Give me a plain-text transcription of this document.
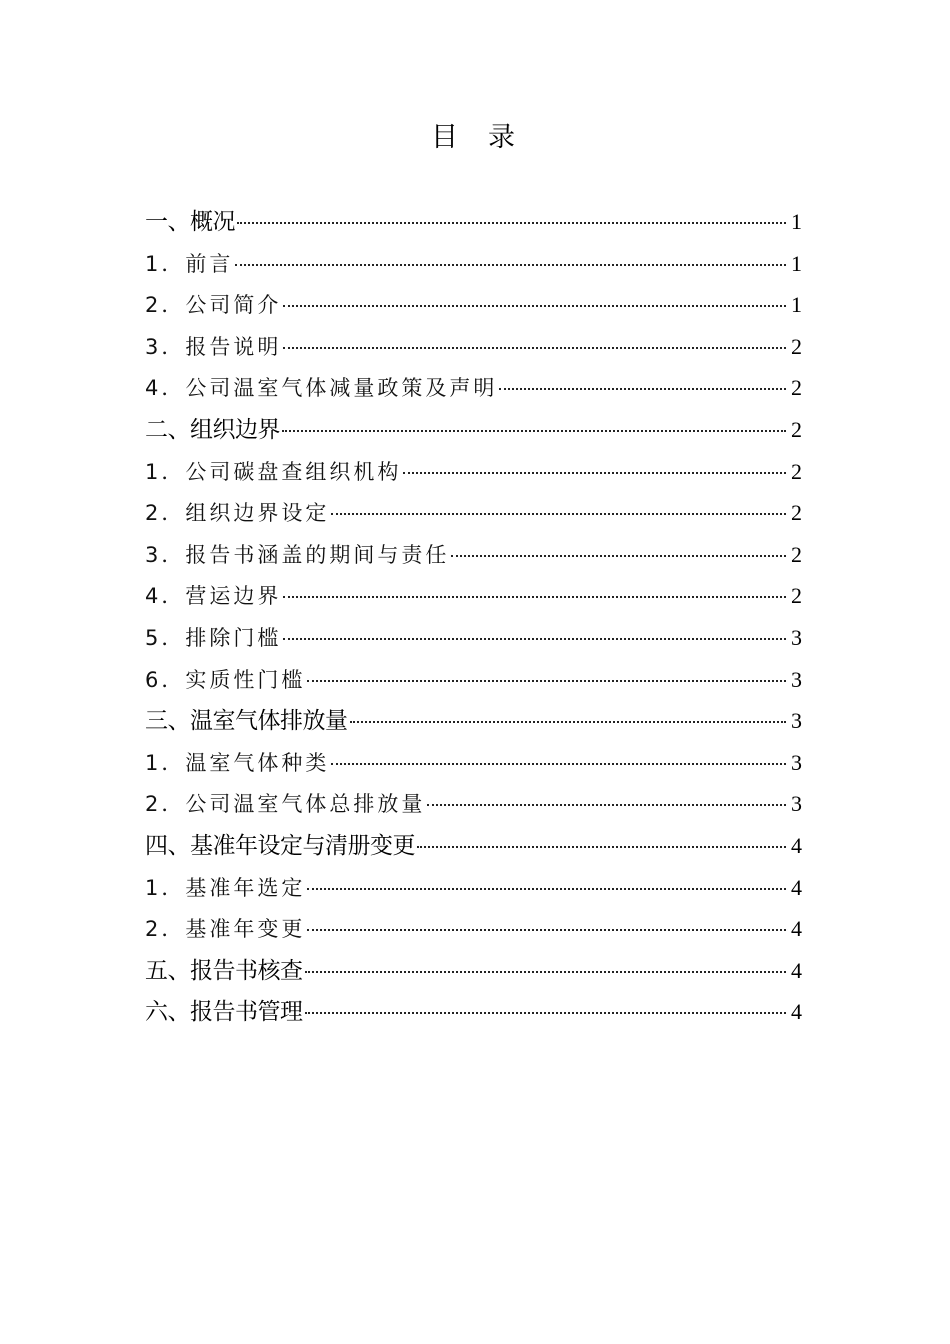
目 录
一、概况	1
1．前言	1
2．公司简介	1
3．报告说明	2
4．公司温室气体减量政策及声明	2
二、组织边界	2
1．公司碳盘查组织机构	2
2．组织边界设定	2
3．报告书涵盖的期间与责任	2
4．营运边界	2
5．排除门槛	3
6．实质性门槛	3
三、温室气体排放量	3
1．温室气体种类	3
2．公司温室气体总排放量	3
四、基准年设定与清册变更	4
1．基准年选定	4
2．基准年变更	4
五、报告书核查	4
六、报告书管理	4
